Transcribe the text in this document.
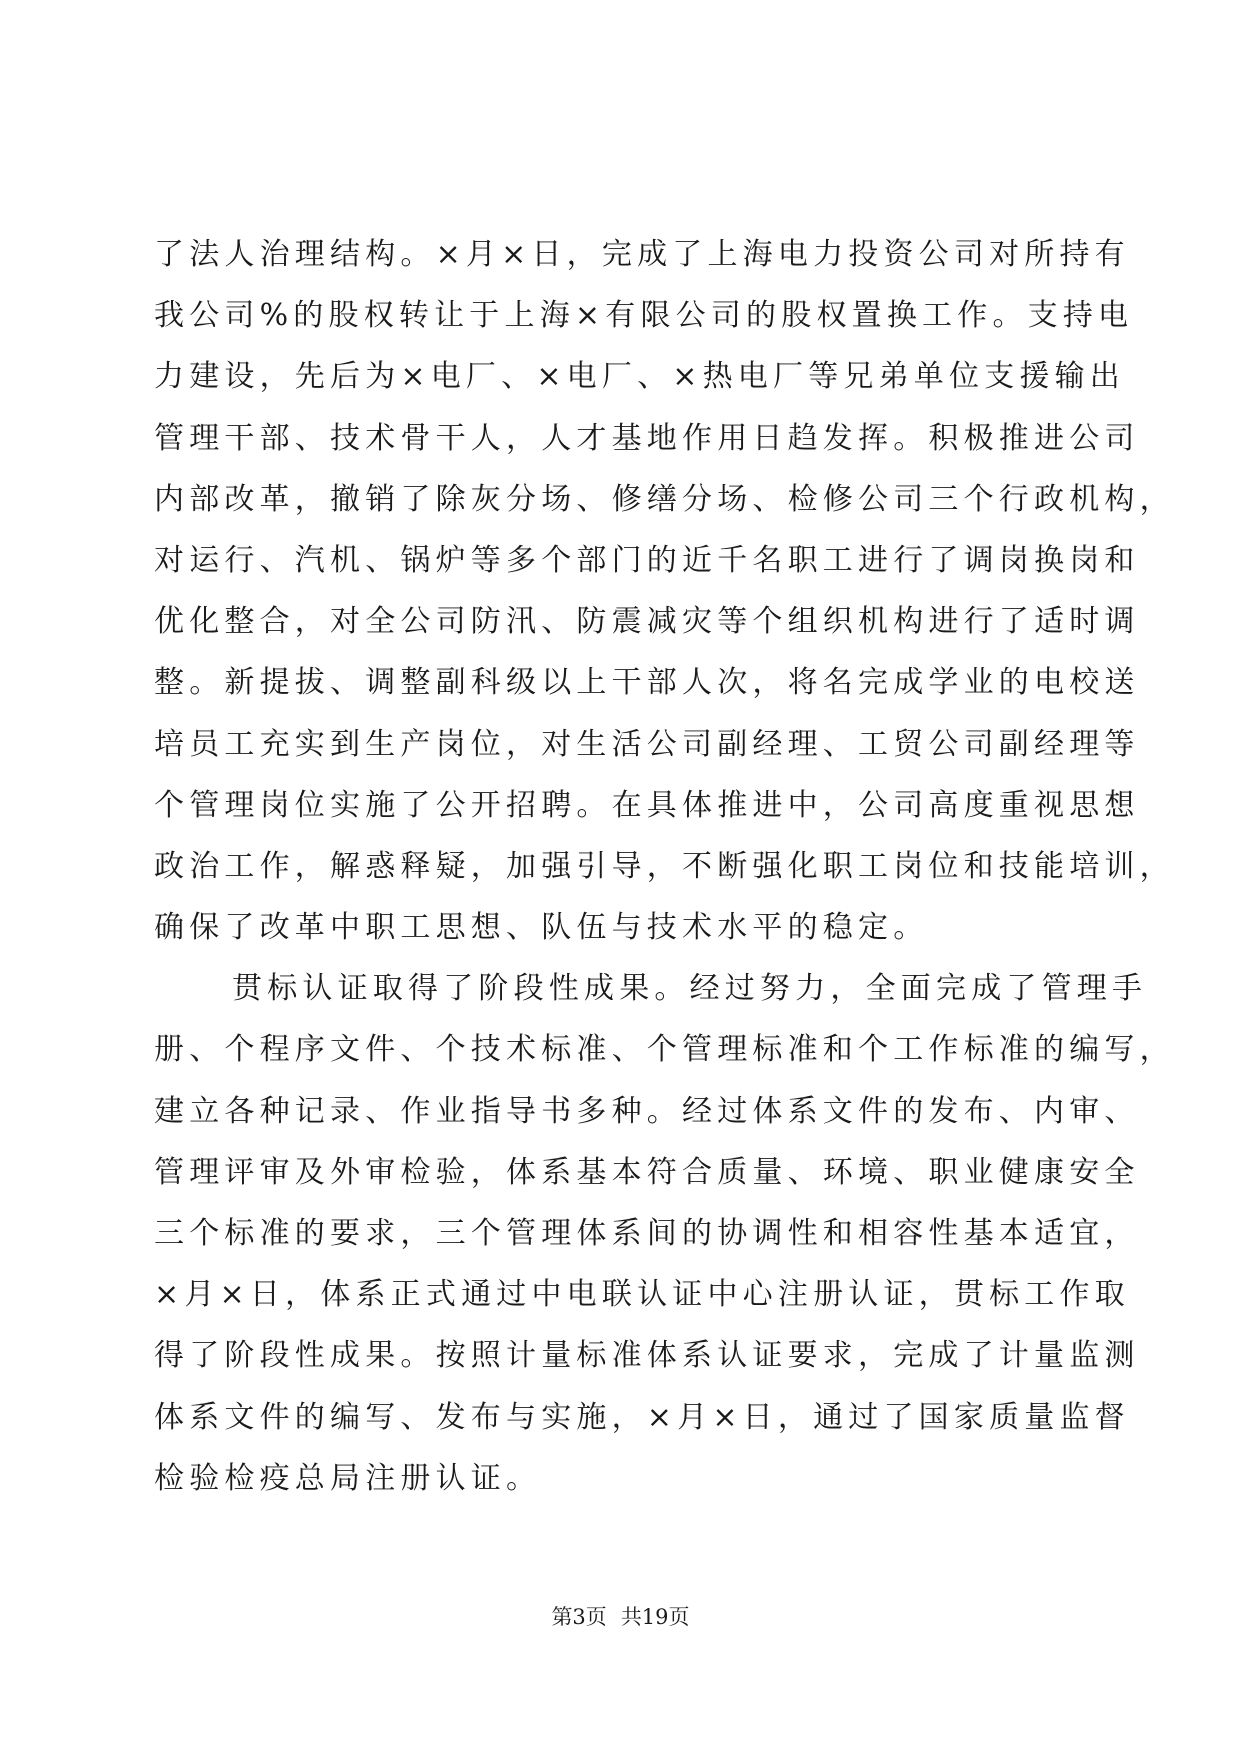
了法人治理结构。×月×日，完成了上海电力投资公司对所持有
我公司%的股权转让于上海×有限公司的股权置换工作。支持电
力建设，先后为×电厂、×电厂、×热电厂等兄弟单位支援输出
管理干部、技术骨干人，人才基地作用日趋发挥。积极推进公司
内部改革，撤销了除灰分场、修缮分场、检修公司三个行政机构，
对运行、汽机、锅炉等多个部门的近千名职工进行了调岗换岗和
优化整合，对全公司防汛、防震减灾等个组织机构进行了适时调
整。新提拔、调整副科级以上干部人次，将名完成学业的电校送
培员工充实到生产岗位，对生活公司副经理、工贸公司副经理等
个管理岗位实施了公开招聘。在具体推进中，公司高度重视思想
政治工作，解惑释疑，加强引导，不断强化职工岗位和技能培训，
确保了改革中职工思想、队伍与技术水平的稳定。
贯标认证取得了阶段性成果。经过努力，全面完成了管理手
册、个程序文件、个技术标准、个管理标准和个工作标准的编写，
建立各种记录、作业指导书多种。经过体系文件的发布、内审、
管理评审及外审检验，体系基本符合质量、环境、职业健康安全
三个标准的要求，三个管理体系间的协调性和相容性基本适宜，
×月×日，体系正式通过中电联认证中心注册认证，贯标工作取
得了阶段性成果。按照计量标准体系认证要求，完成了计量监测
体系文件的编写、发布与实施，×月×日，通过了国家质量监督
检验检疫总局注册认证。
第3页 共19页
